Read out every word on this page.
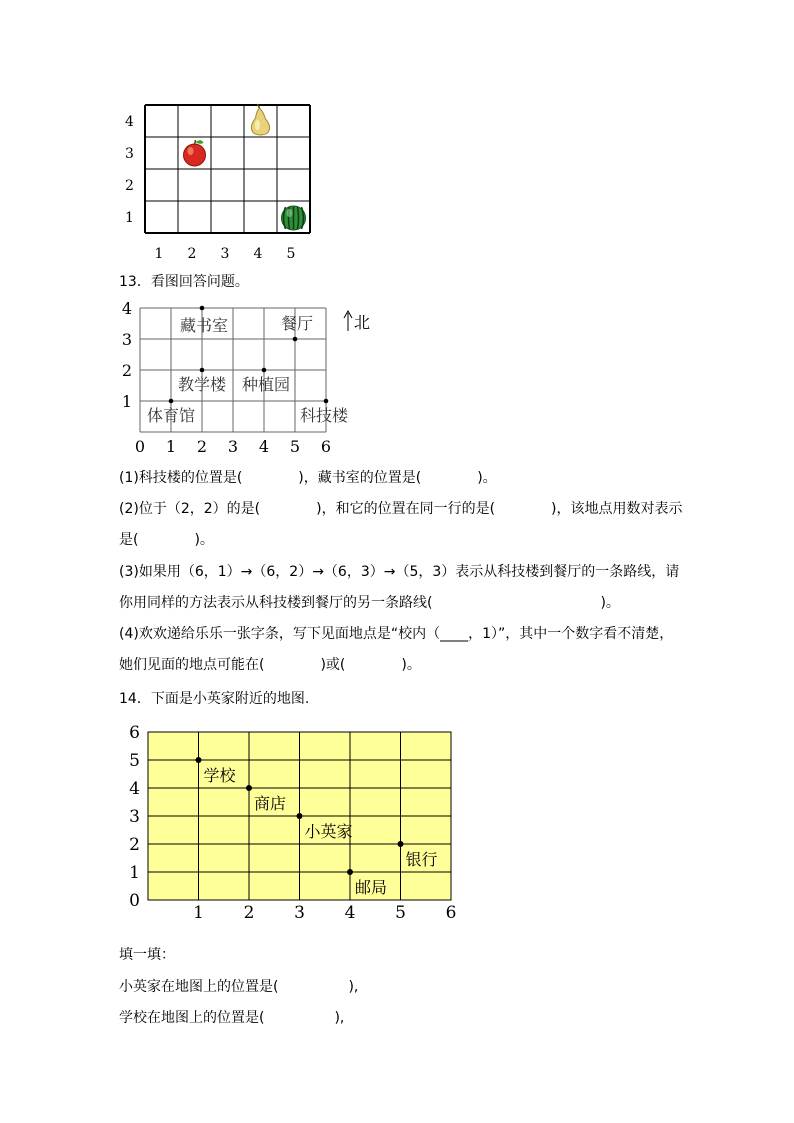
4
3
2
1
1 2 3 4 5
13．看图回答问题。
0 1 2 3 4 5 6
1
2
3
4
藏书室	餐厅
教学楼 种植园
体育馆	科技楼
北
(1)科技楼的位置是(　　　　)，藏书室的位置是(　　　　)。
(2)位于（2，2）的是(　　　　)，和它的位置在同一行的是(　　　　)，该地点用数对表示
是(　　　　)。
(3)如果用（6，1）→（6，2）→（6，3）→（5，3）表示从科技楼到餐厅的一条路线，请
你用同样的方法表示从科技楼到餐厅的另一条路线(　　　　　　　　　　　　)。
(4)欢欢递给乐乐一张字条，写下见面地点是“校内（____，1）”，其中一个数字看不清楚，
她们见面的地点可能在(　　　　)或(　　　　)。
14．下面是小英家附近的地图.
1 2 3 4 5 6
0
1
2
3
4
5
6
学校
商店
小英家
银行
邮局
填一填：
小英家在地图上的位置是(　　　　　),
学校在地图上的位置是(　　　　　),
